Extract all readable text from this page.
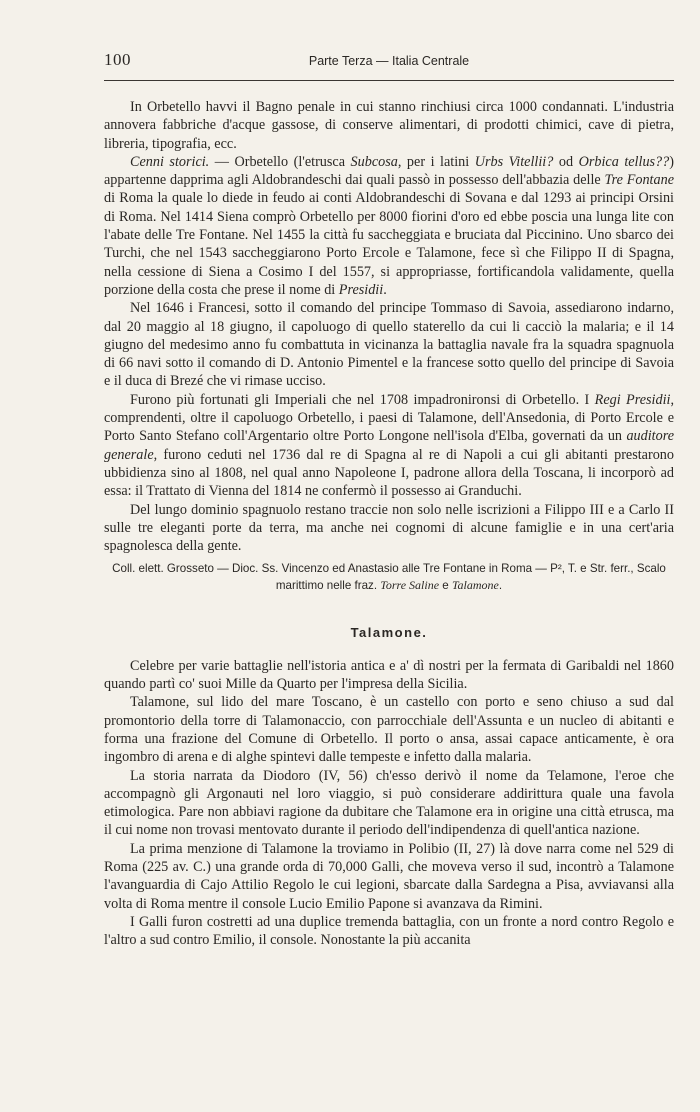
100	Parte Terza — Italia Centrale

In Orbetello havvi il Bagno penale in cui stanno rinchiusi circa 1000 condannati. L'industria annovera fabbriche d'acque gassose, di conserve alimentari, di prodotti chimici, cave di pietra, libreria, tipografia, ecc.

Cenni storici. — Orbetello (l'etrusca Subcosa, per i latini Urbs Vitellii? od Orbica tellus??) appartenne dapprima agli Aldobrandeschi dai quali passò in possesso dell'abbazia delle Tre Fontane di Roma la quale lo diede in feudo ai conti Aldobrandeschi di Sovana e dal 1293 ai principi Orsini di Roma. Nel 1414 Siena comprò Orbetello per 8000 fiorini d'oro ed ebbe poscia una lunga lite con l'abate delle Tre Fontane. Nel 1455 la città fu saccheggiata e bruciata dal Piccinino. Uno sbarco dei Turchi, che nel 1543 saccheggiarono Porto Ercole e Talamone, fece sì che Filippo II di Spagna, nella cessione di Siena a Cosimo I del 1557, si appropriasse, fortificandola validamente, quella porzione della costa che prese il nome di Presidii.

Nel 1646 i Francesi, sotto il comando del principe Tommaso di Savoia, assediarono indarno, dal 20 maggio al 18 giugno, il capoluogo di quello staterello da cui li cacciò la malaria; e il 14 giugno del medesimo anno fu combattuta in vicinanza la battaglia navale fra la squadra spagnuola di 66 navi sotto il comando di D. Antonio Pimentel e la francese sotto quello del principe di Savoia e il duca di Brezé che vi rimase ucciso.

Furono più fortunati gli Imperiali che nel 1708 impadronironsi di Orbetello. I Regi Presidii, comprendenti, oltre il capoluogo Orbetello, i paesi di Talamone, dell'Ansedonia, di Porto Ercole e Porto Santo Stefano coll'Argentario oltre Porto Longone nell'isola d'Elba, governati da un auditore generale, furono ceduti nel 1736 dal re di Spagna al re di Napoli a cui gli abitanti prestarono ubbidienza sino al 1808, nel qual anno Napoleone I, padrone allora della Toscana, li incorporò ad essa: il Trattato di Vienna del 1814 ne confermò il possesso ai Granduchi.

Del lungo dominio spagnuolo restano traccie non solo nelle iscrizioni a Filippo III e a Carlo II sulle tre eleganti porte da terra, ma anche nei cognomi di alcune famiglie e in una cert'aria spagnolesca della gente.

Coll. elett. Grosseto — Dioc. Ss. Vincenzo ed Anastasio alle Tre Fontane in Roma — P², T. e Str. ferr., Scalo marittimo nelle fraz. Torre Saline e Talamone.

Talamone.

Celebre per varie battaglie nell'istoria antica e a' dì nostri per la fermata di Garibaldi nel 1860 quando partì co' suoi Mille da Quarto per l'impresa della Sicilia.

Talamone, sul lido del mare Toscano, è un castello con porto e seno chiuso a sud dal promontorio della torre di Talamonaccio, con parrocchiale dell'Assunta e un nucleo di abitanti e forma una frazione del Comune di Orbetello. Il porto o ansa, assai capace anticamente, è ora ingombro di arena e di alghe spintevi dalle tempeste e infetto dalla malaria.

La storia narrata da Diodoro (IV, 56) ch'esso derivò il nome da Telamone, l'eroe che accompagnò gli Argonauti nel loro viaggio, si può considerare addirittura quale una favola etimologica. Pare non abbiavi ragione da dubitare che Talamone era in origine una città etrusca, ma il cui nome non trovasi mentovato durante il periodo dell'indipendenza di quell'antica nazione.

La prima menzione di Talamone la troviamo in Polibio (II, 27) là dove narra come nel 529 di Roma (225 av. C.) una grande orda di 70,000 Galli, che moveva verso il sud, incontrò a Talamone l'avanguardia di Cajo Attilio Regolo le cui legioni, sbarcate dalla Sardegna a Pisa, avviavansi alla volta di Roma mentre il console Lucio Emilio Papone si avanzava da Rimini.

I Galli furon costretti ad una duplice tremenda battaglia, con un fronte a nord contro Regolo e l'altro a sud contro Emilio, il console. Nonostante la più accanita
